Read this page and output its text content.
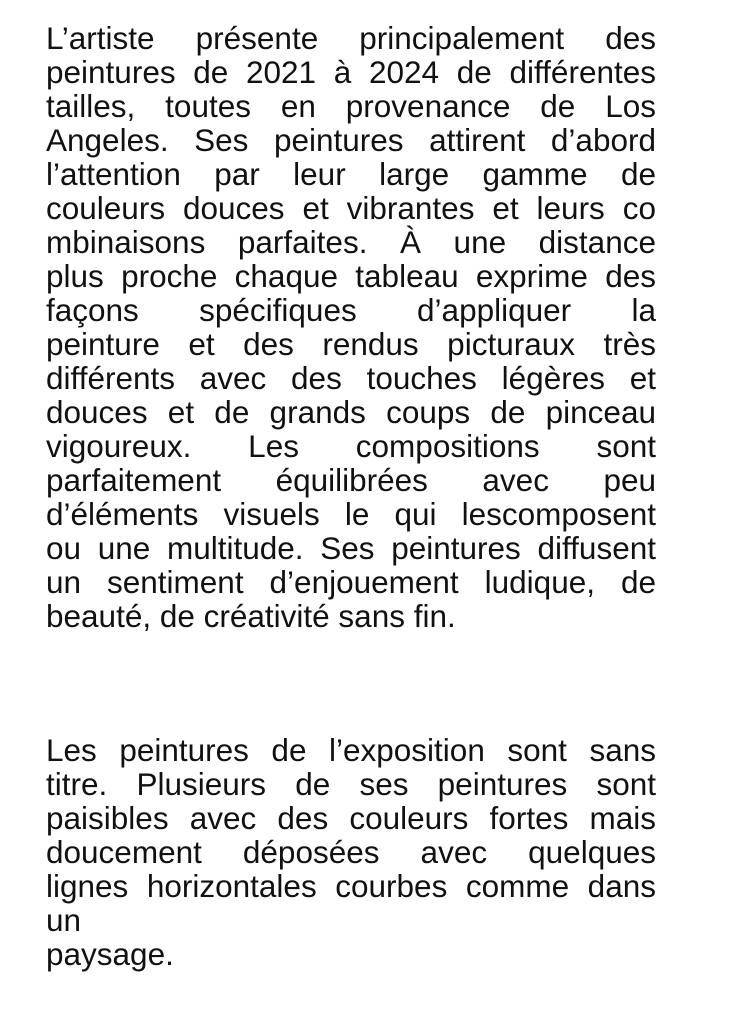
L’artiste présente principalement des

peintures de 2021 à 2024 de différentes

tailles, toutes en provenance de Los

Angeles. Ses peintures attirent d’abord

l’attention par leur large gamme de

couleurs douces et vibrantes et leurs co

mbinaisons parfaites. À une distance

plus proche chaque tableau exprime des

façons spécifiques d’appliquer la

peinture et des rendus picturaux très

différents avec des touches légères et

douces et de grands coups de pinceau

vigoureux. Les compositions sont

parfaitement équilibrées avec peu

d’éléments visuels le qui lescomposent

ou une multitude. Ses peintures diffusent

un sentiment d’enjouement ludique, de

beauté, de créativité sans fin.

Les peintures de l’exposition sont sans

titre. Plusieurs de ses peintures sont

paisibles avec des couleurs fortes mais

doucement déposées avec quelques

lignes horizontales courbes comme dans

un

paysage.
